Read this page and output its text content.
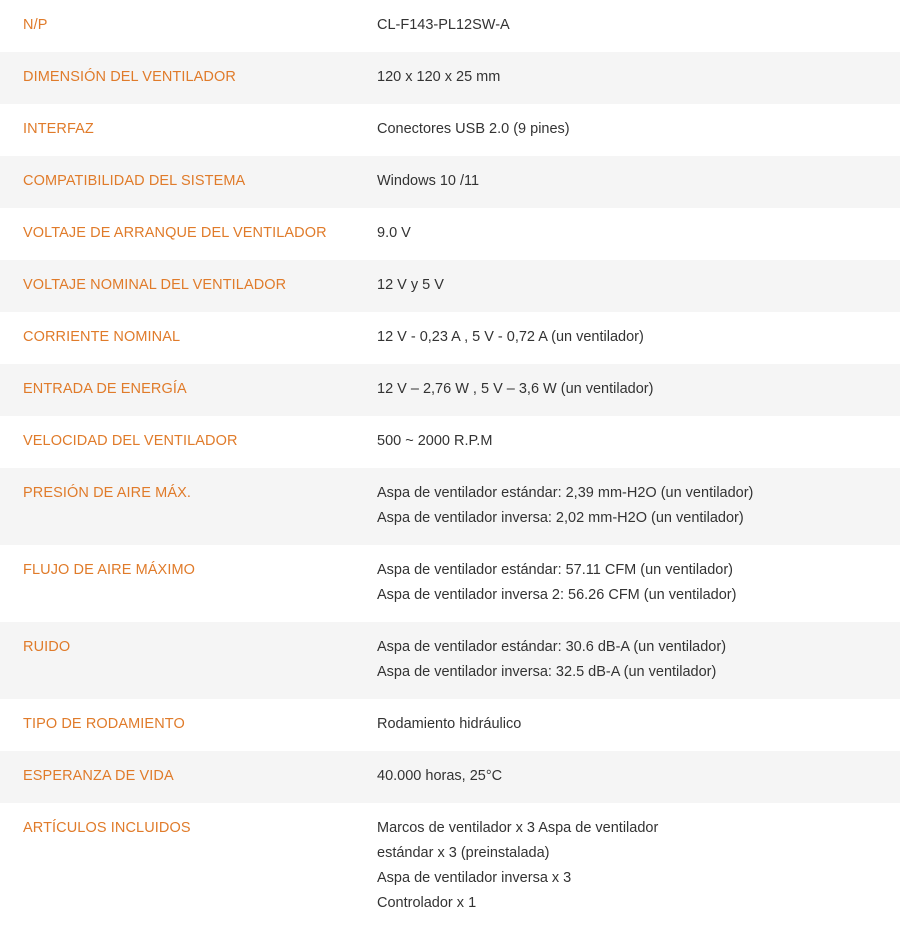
N/P	CL-F143-PL12SW-A

DIMENSIÓN DEL VENTILADOR	120 x 120 x 25 mm

INTERFAZ	Conectores USB 2.0 (9 pines)

COMPATIBILIDAD DEL SISTEMA	Windows 10 /11

VOLTAJE DE ARRANQUE DEL VENTILADOR	9.0 V

VOLTAJE NOMINAL DEL VENTILADOR	12 V y 5 V

CORRIENTE NOMINAL	12 V - 0,23 A , 5 V - 0,72 A (un ventilador)

ENTRADA DE ENERGÍA	12 V – 2,76 W , 5 V – 3,6 W (un ventilador)

VELOCIDAD DEL VENTILADOR	500 ~ 2000 R.P.M

PRESIÓN DE AIRE MÁX.	Aspa de ventilador estándar: 2,39 mm-H2O (un ventilador)
Aspa de ventilador inversa: 2,02 mm-H2O (un ventilador)

FLUJO DE AIRE MÁXIMO	Aspa de ventilador estándar: 57.11 CFM (un ventilador)
Aspa de ventilador inversa 2: 56.26 CFM (un ventilador)

RUIDO	Aspa de ventilador estándar: 30.6 dB-A (un ventilador)
Aspa de ventilador inversa: 32.5 dB-A (un ventilador)

TIPO DE RODAMIENTO	Rodamiento hidráulico

ESPERANZA DE VIDA	40.000 horas, 25°C

ARTÍCULOS INCLUIDOS	Marcos de ventilador x 3 Aspa de ventilador
estándar x 3 (preinstalada)
Aspa de ventilador inversa x 3
Controlador x 1
